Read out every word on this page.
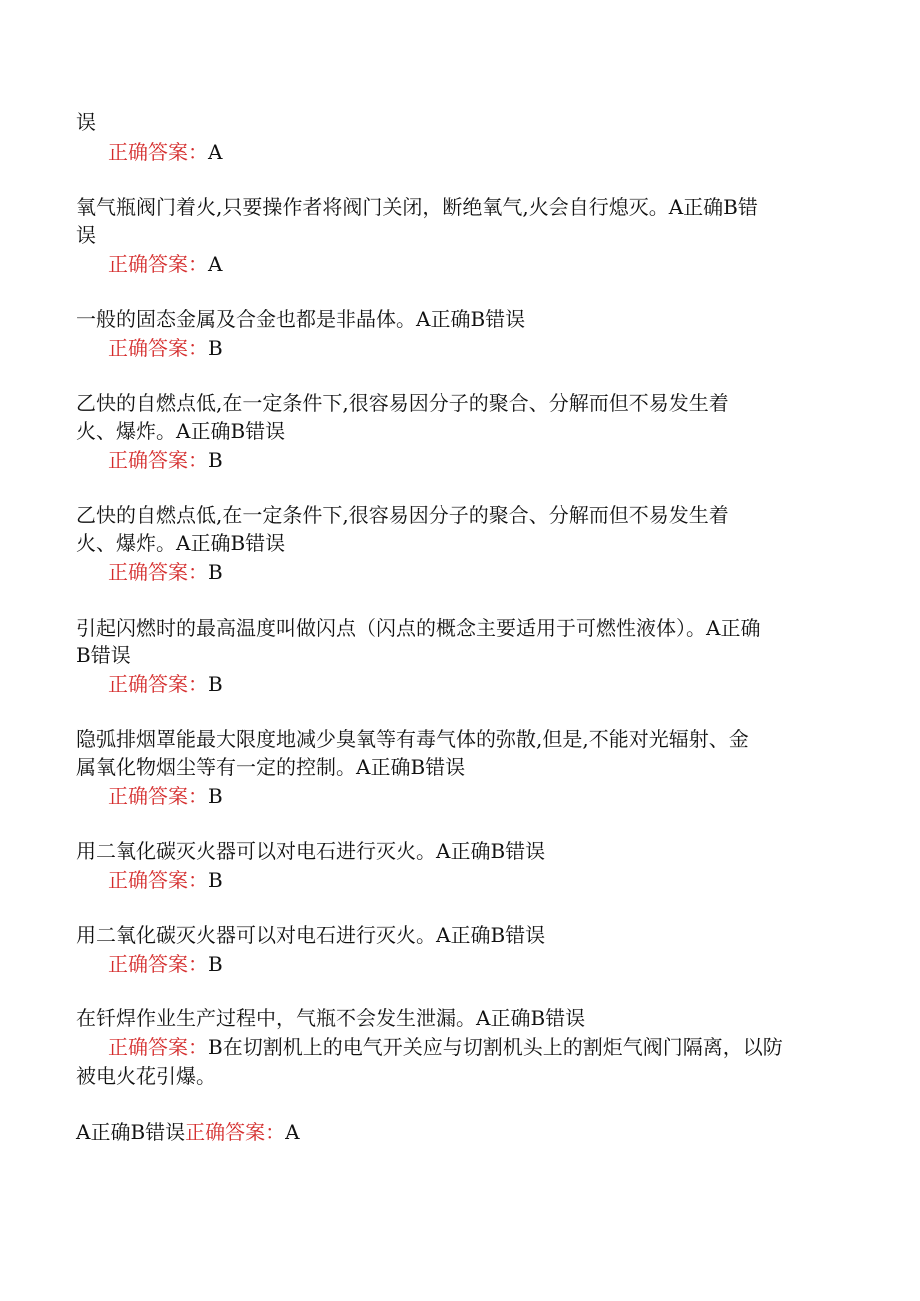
误
正确答案：A
氧气瓶阀门着火,只要操作者将阀门关闭，断绝氧气,火会自行熄灭。A正确B错
误
正确答案：A
一般的固态金属及合金也都是非晶体。A正确B错误
正确答案：B
乙快的自燃点低,在一定条件下,很容易因分子的聚合、分解而但不易发生着
火、爆炸。A正确B错误
正确答案：B
乙快的自燃点低,在一定条件下,很容易因分子的聚合、分解而但不易发生着
火、爆炸。A正确B错误
正确答案：B
引起闪燃时的最高温度叫做闪点（闪点的概念主要适用于可燃性液体）。A正确
B错误
正确答案：B
隐弧排烟罩能最大限度地减少臭氧等有毒气体的弥散,但是,不能对光辐射、金
属氧化物烟尘等有一定的控制。A正确B错误
正确答案：B
用二氧化碳灭火器可以对电石进行灭火。A正确B错误
正确答案：B
用二氧化碳灭火器可以对电石进行灭火。A正确B错误
正确答案：B
在钎焊作业生产过程中，气瓶不会发生泄漏。A正确B错误
正确答案：B在切割机上的电气开关应与切割机头上的割炬气阀门隔离，以防
被电火花引爆。
A正确B错误正确答案：A
